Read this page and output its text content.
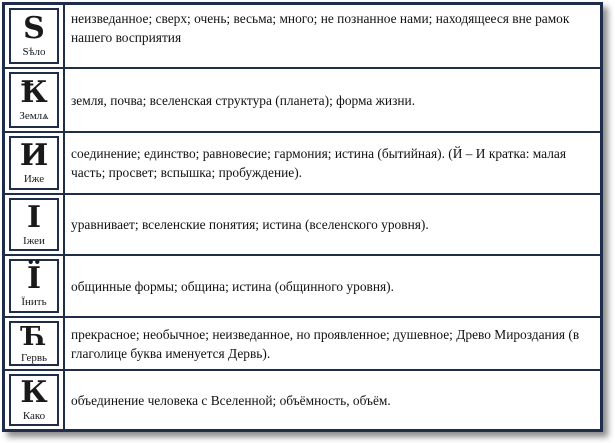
S
Sѣло
неизведанное; сверх; очень; весьма; много; не познанное нами; находящееся вне рамок нашего восприятия
Ꝁ
Землѧ
земля, почва; вселенская структура (планета); форма жизни.
И
Иже
соединение; единство; равновесие; гармония; истина (бытийная). (Й – И кратка: малая часть; просвет; вспышка; пробуждение).
І
Іжеи
уравнивает; вселенские понятия; истина (вселенского уровня).
Ї
Їнить
общинные формы; община; истина (общинного уровня).
Ћ
Гервь
прекрасное; необычное; неизведанное, но проявленное; душевное; Древо Мироздания (в глаголице буква именуется Дервь).
К
Како
объединение человека с Вселенной; объёмность, объём.
